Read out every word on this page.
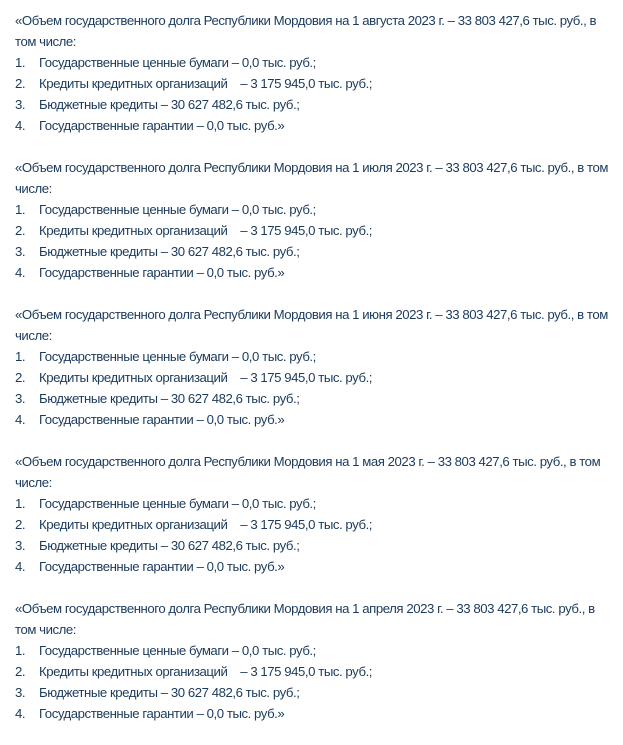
«Объем государственного долга Республики Мордовия на 1 августа 2023 г. – 33 803 427,6 тыс. руб., в том числе:

1.	Государственные ценные бумаги – 0,0 тыс. руб.;
2.	Кредиты кредитных организаций    – 3 175 945,0 тыс. руб.;
3.	Бюджетные кредиты – 30 627 482,6 тыс. руб.;
4.	Государственные гарантии – 0,0 тыс. руб.»

«Объем государственного долга Республики Мордовия на 1 июля 2023 г. – 33 803 427,6 тыс. руб., в том числе:

1.	Государственные ценные бумаги – 0,0 тыс. руб.;
2.	Кредиты кредитных организаций    – 3 175 945,0 тыс. руб.;
3.	Бюджетные кредиты – 30 627 482,6 тыс. руб.;
4.	Государственные гарантии – 0,0 тыс. руб.»

«Объем государственного долга Республики Мордовия на 1 июня 2023 г. – 33 803 427,6 тыс. руб., в том числе:

1.	Государственные ценные бумаги – 0,0 тыс. руб.;
2.	Кредиты кредитных организаций    – 3 175 945,0 тыс. руб.;
3.	Бюджетные кредиты – 30 627 482,6 тыс. руб.;
4.	Государственные гарантии – 0,0 тыс. руб.»

«Объем государственного долга Республики Мордовия на 1 мая 2023 г. – 33 803 427,6 тыс. руб., в том числе:

1.	Государственные ценные бумаги – 0,0 тыс. руб.;
2.	Кредиты кредитных организаций    – 3 175 945,0 тыс. руб.;
3.	Бюджетные кредиты – 30 627 482,6 тыс. руб.;
4.	Государственные гарантии – 0,0 тыс. руб.»

«Объем государственного долга Республики Мордовия на 1 апреля 2023 г. – 33 803 427,6 тыс. руб., в том числе:

1.	Государственные ценные бумаги – 0,0 тыс. руб.;
2.	Кредиты кредитных организаций    – 3 175 945,0 тыс. руб.;
3.	Бюджетные кредиты – 30 627 482,6 тыс. руб.;
4.	Государственные гарантии – 0,0 тыс. руб.»
